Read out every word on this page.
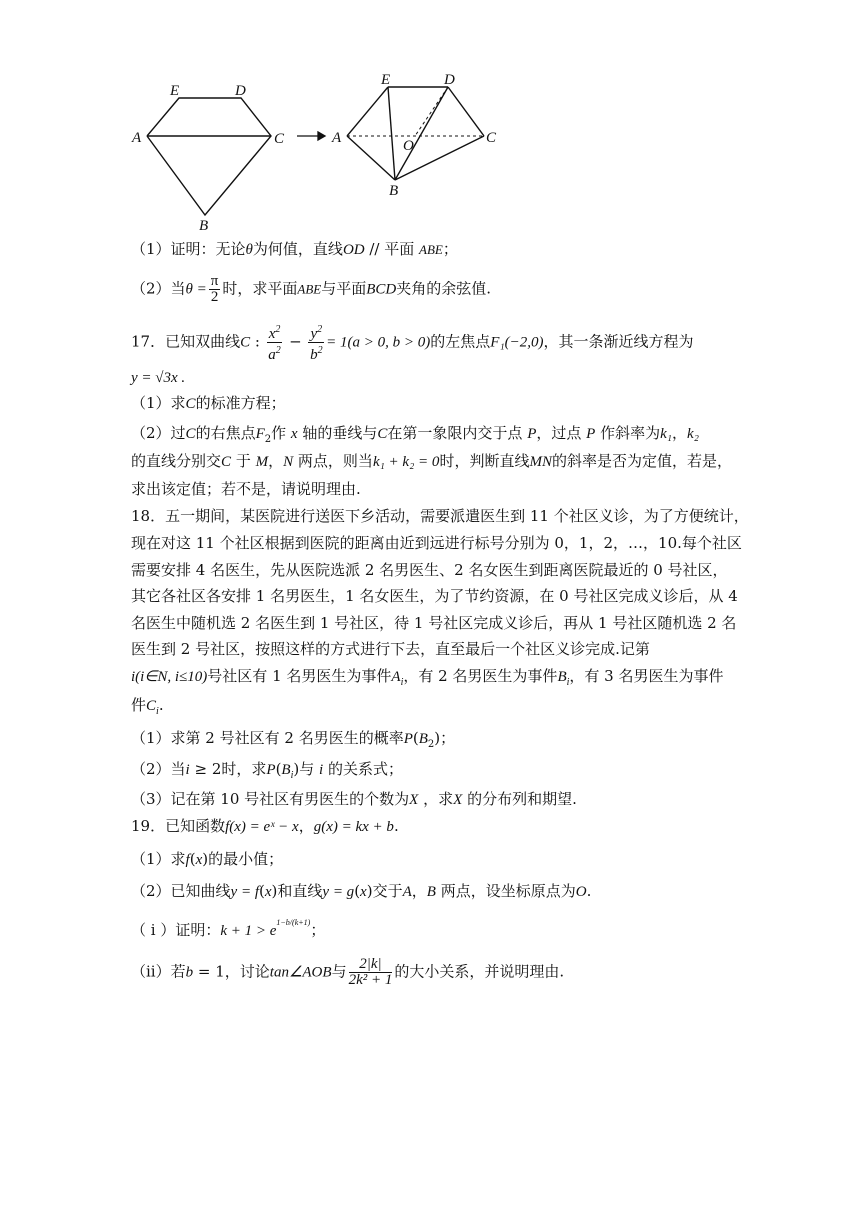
E	D
A	C
B
E	D
A	O	C
B
（1）证明：无论θ为何值，直线OD // 平面 ABE；
（2）当$\theta = \frac{\pi}{2}$ 时，求平面ABE与平面BCD夹角的余弦值.
17．已知双曲线C : $\frac{x^2}{a^2} - \frac{y^2}{b^2} = 1(a > 0$, b > 0)的左焦点F₁(−2,0)，其一条渐近线方程为
y = √3x .
（1）求C的标准方程；
（2）过C的右焦点$F_2$作 x 轴的垂线与C在第一象限内交于点 P，过点 P 作斜率为k₁，k₂
的直线分别交C 于 M，N 两点，则当k₁ + k₂ = 0时，判断直线MN的斜率是否为定值，若是，
求出该定值；若不是，请说明理由.
18．五一期间，某医院进行送医下乡活动，需要派遣医生到 11 个社区义诊，为了方便统计，
现在对这 11 个社区根据到医院的距离由近到远进行标号分别为 0，1，2，…，10.每个社区
需要安排 4 名医生，先从医院选派 2 名男医生、2 名女医生到距离医院最近的 0 号社区，
其它各社区各安排 1 名男医生，1 名女医生，为了节约资源，在 0 号社区完成义诊后，从 4
名医生中随机选 2 名医生到 1 号社区，待 1 号社区完成义诊后，再从 1 号社区随机选 2 名
医生到 2 号社区，按照这样的方式进行下去，直至最后一个社区义诊完成.记第
i(i∈N, i≤10)号社区有 1 名男医生为事件$A_i$，有 2 名男医生为事件$B_i$，有 3 名男医生为事件
件$C_i$.
（1）求第 2 号社区有 2 名男医生的概率$P(B_2)$；
（2）当i ≥ 2时，求$P(B_i)$与 i 的关系式；
（3）记在第 10 号社区有男医生的个数为X ，求X 的分布列和期望.
19．已知函数f(x) = eˣ − x，g(x) = kx + b.
（1）求f(x)的最小值；
（2）已知曲线y = f(x)和直线y = g(x)交于A，B 两点，设坐标原点为O.
（ i ）证明：$k + 1 > e^{1-b/(k+1)}$；
（ii）若b = 1，讨论tan∠AOB与 $\frac{2|k|}{\text{2k² + 1}}$ 的大小关系，并说明理由.
